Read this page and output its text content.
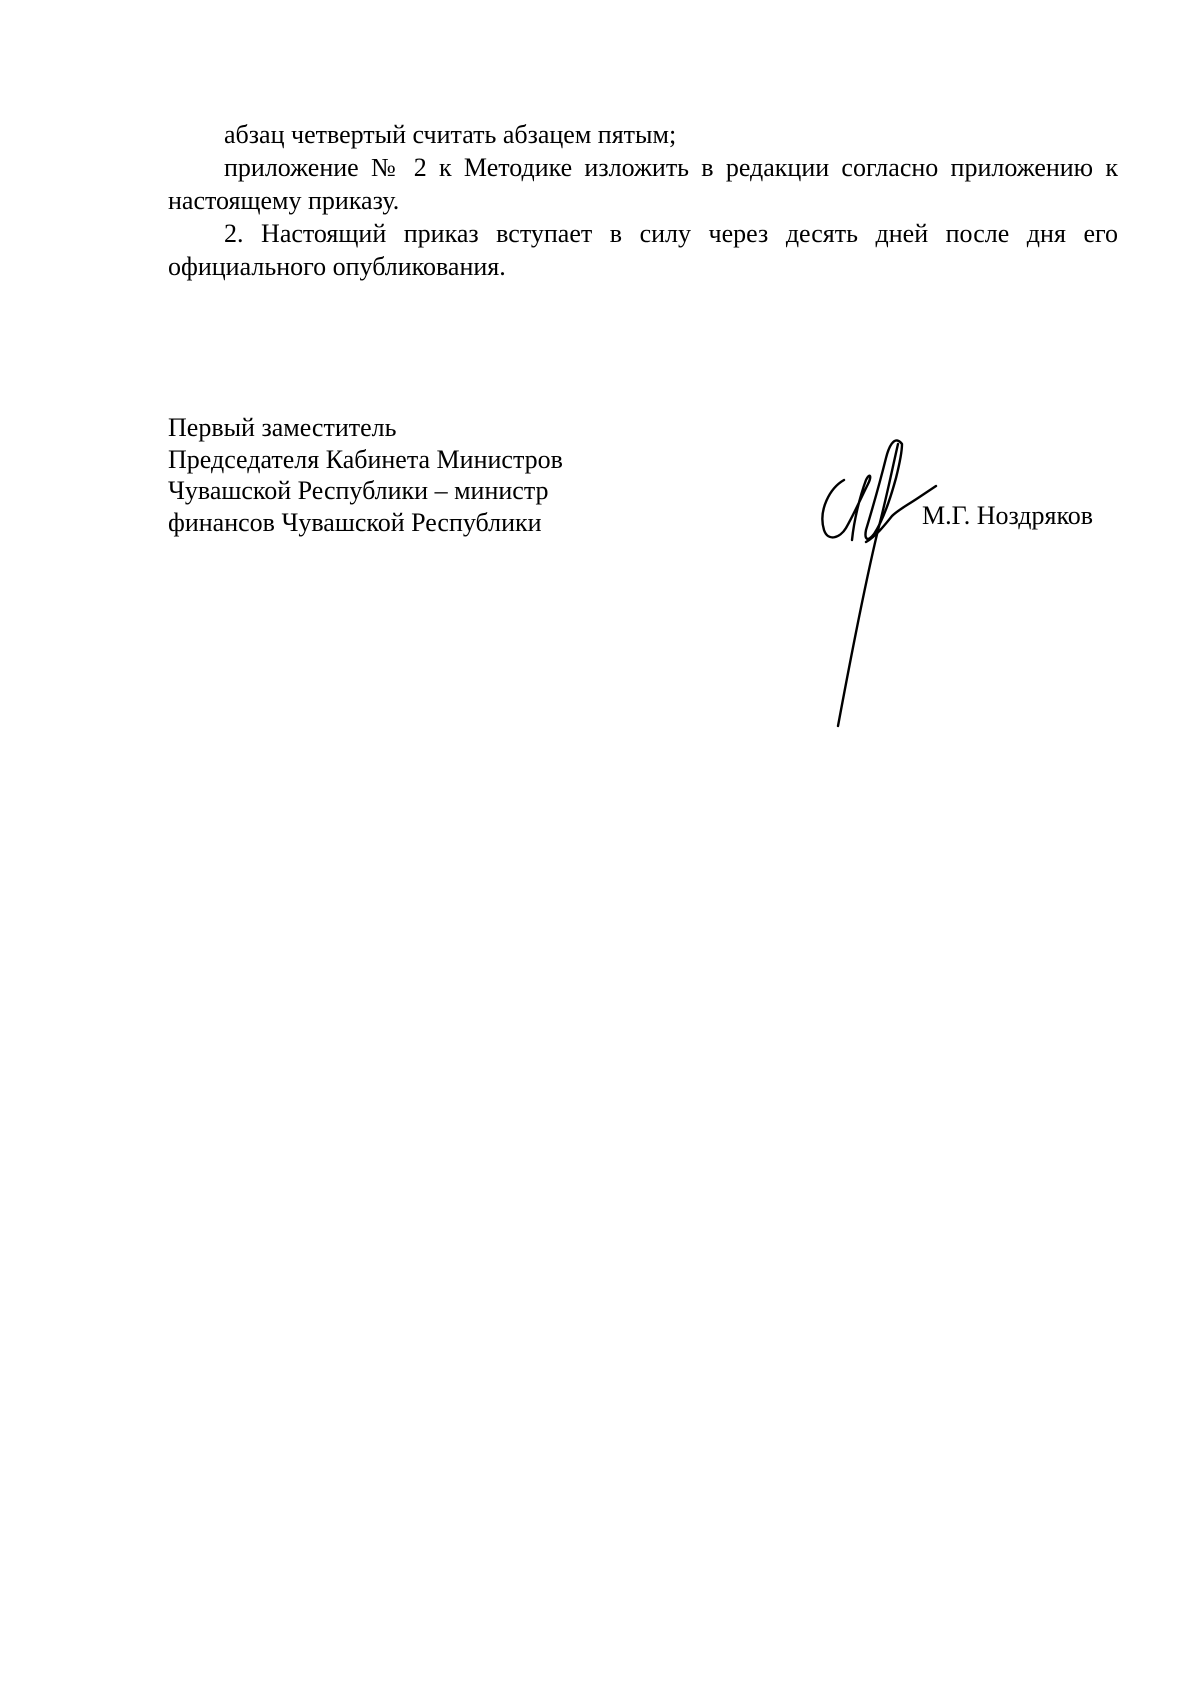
абзац четвертый считать абзацем пятым;

приложение № 2 к Методике изложить в редакции согласно приложению к настоящему приказу.

2. Настоящий приказ вступает в силу через десять дней после дня его официального опубликования.

Первый заместитель
Председателя Кабинета Министров
Чувашской Республики – министр
финансов Чувашской Республики	М.Г. Ноздряков
